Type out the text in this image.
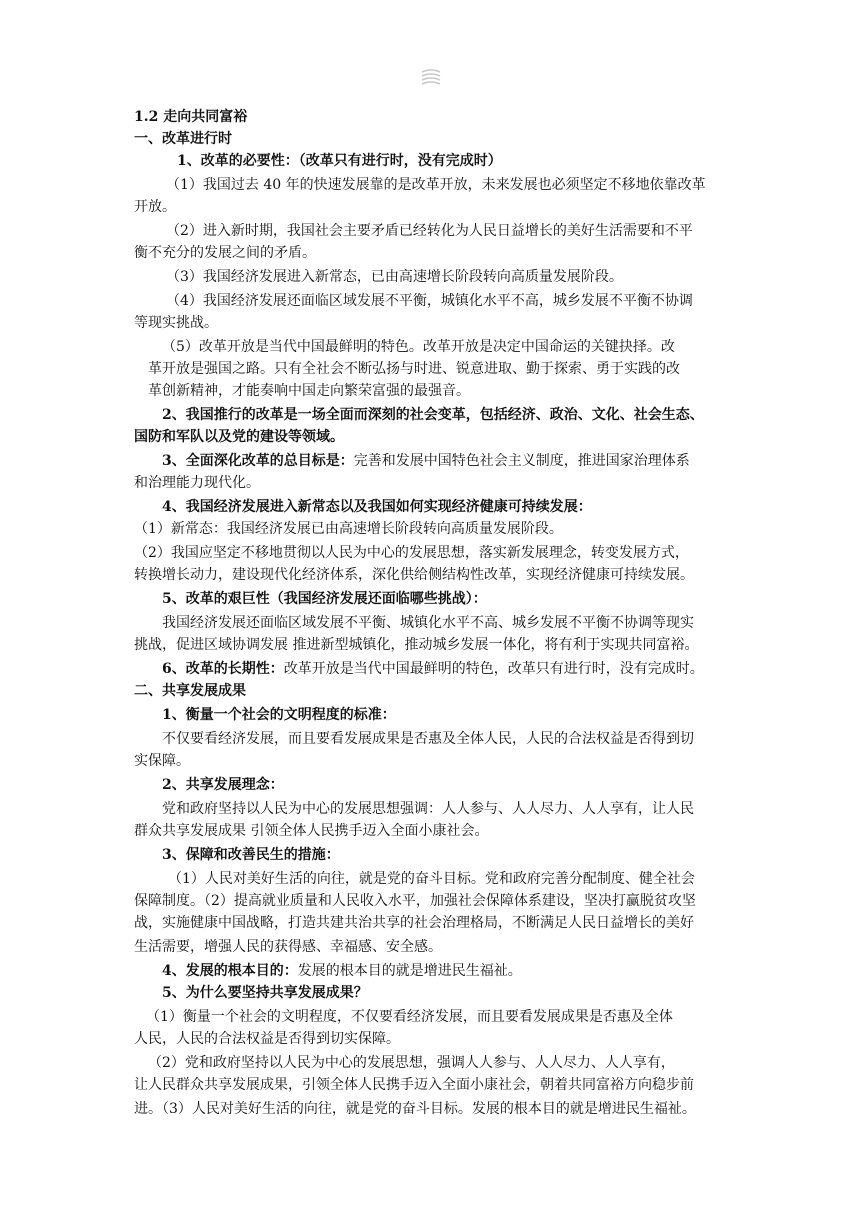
1.2 走向共同富裕
一、改革进行时
1、改革的必要性：（改革只有进行时，没有完成时）
（1）我国过去 40 年的快速发展靠的是改革开放，未来发展也必须坚定不移地依靠改革
开放。
（2）进入新时期，我国社会主要矛盾已经转化为人民日益增长的美好生活需要和不平
衡不充分的发展之间的矛盾。
（3）我国经济发展进入新常态，已由高速增长阶段转向高质量发展阶段。
（4）我国经济发展还面临区域发展不平衡，城镇化水平不高，城乡发展不平衡不协调
等现实挑战。
（5）改革开放是当代中国最鲜明的特色。改革开放是决定中国命运的关键抉择。改
革开放是强国之路。只有全社会不断弘扬与时进、锐意进取、勤于探索、勇于实践的改
革创新精神，才能奏响中国走向繁荣富强的最强音。
2、我国推行的改革是一场全面而深刻的社会变革，包括经济、政治、文化、社会生态、
国防和军队以及党的建设等领域。
3、全面深化改革的总目标是：完善和发展中国特色社会主义制度，推进国家治理体系
和治理能力现代化。
4、我国经济发展进入新常态以及我国如何实现经济健康可持续发展：
（1）新常态：我国经济发展已由高速增长阶段转向高质量发展阶段。
（2）我国应坚定不移地贯彻以人民为中心的发展思想，落实新发展理念，转变发展方式，
转换增长动力，建设现代化经济体系，深化供给侧结构性改革，实现经济健康可持续发展。
5、改革的艰巨性（我国经济发展还面临哪些挑战）：
我国经济发展还面临区域发展不平衡、城镇化水平不高、城乡发展不平衡不协调等现实
挑战，促进区域协调发展 推进新型城镇化，推动城乡发展一体化，将有利于实现共同富裕。
6、改革的长期性：改革开放是当代中国最鲜明的特色，改革只有进行时，没有完成时。
二、共享发展成果
1、衡量一个社会的文明程度的标准：
不仅要看经济发展，而且要看发展成果是否惠及全体人民，人民的合法权益是否得到切
实保障。
2、共享发展理念：
党和政府坚持以人民为中心的发展思想强调：人人参与、人人尽力、人人享有，让人民
群众共享发展成果 引领全体人民携手迈入全面小康社会。
3、保障和改善民生的措施：
（1）人民对美好生活的向往，就是党的奋斗目标。党和政府完善分配制度、健全社会
保障制度。（2）提高就业质量和人民收入水平，加强社会保障体系建设，坚决打赢脱贫攻坚
战，实施健康中国战略，打造共建共治共享的社会治理格局，不断满足人民日益增长的美好
生活需要，增强人民的获得感、幸福感、安全感。
4、发展的根本目的：发展的根本目的就是增进民生福祉。
5、为什么要坚持共享发展成果？
（1）衡量一个社会的文明程度，不仅要看经济发展，而且要看发展成果是否惠及全体
人民，人民的合法权益是否得到切实保障。
（2）党和政府坚持以人民为中心的发展思想，强调人人参与、人人尽力、人人享有，
让人民群众共享发展成果，引领全体人民携手迈入全面小康社会，朝着共同富裕方向稳步前
进。（3）人民对美好生活的向往，就是党的奋斗目标。发展的根本目的就是增进民生福祉。
